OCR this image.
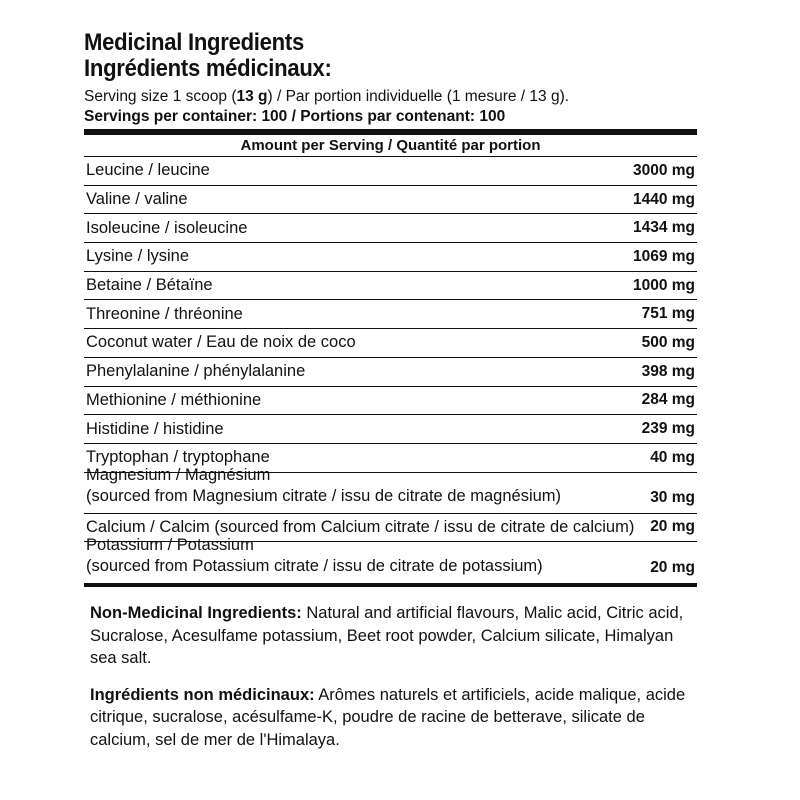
Medicinal Ingredients
Ingrédients médicinaux:
Serving size 1 scoop (13 g) / Par portion individuelle (1 mesure / 13 g).
Servings per container: 100 / Portions par contenant: 100
Amount per Serving / Quantité par portion
Leucine / leucine	3000 mg
Valine / valine	1440 mg
Isoleucine / isoleucine	1434 mg
Lysine / lysine	1069 mg
Betaine / Bétaïne	1000 mg
Threonine / thréonine	751 mg
Coconut water / Eau de noix de coco	500 mg
Phenylalanine / phénylalanine	398 mg
Methionine / méthionine	284 mg
Histidine / histidine	239 mg
Tryptophan / tryptophane	40 mg
Magnesium / Magnésium
(sourced from Magnesium citrate / issu de citrate de magnésium)	30 mg
Calcium / Calcim (sourced from Calcium citrate / issu de citrate de calcium) 20 mg
Potassium / Potassium
(sourced from Potassium citrate / issu de citrate de potassium)	20 mg

Non-Medicinal Ingredients: Natural and artificial flavours, Malic acid, Citric acid, Sucralose, Acesulfame potassium, Beet root powder, Calcium silicate, Himalyan sea salt.

Ingrédients non médicinaux: Arômes naturels et artificiels, acide malique, acide citrique, sucralose, acésulfame-K, poudre de racine de betterave, silicate de calcium, sel de mer de l'Himalaya.
